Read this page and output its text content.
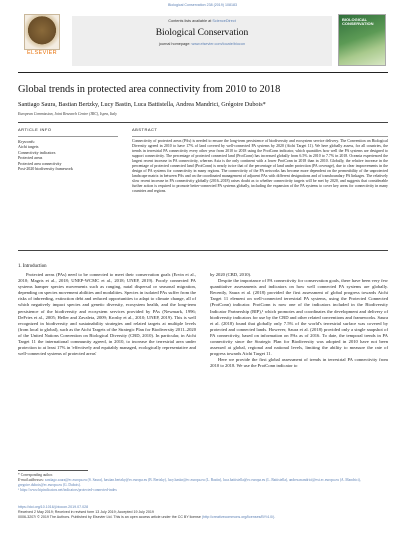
Biological Conservation 238 (2019) 108183
ELSEVIER
Contents lists available at ScienceDirect
Biological Conservation
journal homepage: www.elsevier.com/locate/biocon
BIOLOGICAL CONSERVATION
Global trends in protected area connectivity from 2010 to 2018
Santiago Saura, Bastian Bertzky, Lucy Bastin, Luca Battistella, Andrea Mandrici, Grégoire Dubois*
European Commission, Joint Research Centre (JRC), Ispra, Italy
ARTICLE INFO	ABSTRACT
Keywords:
Aichi targets
Connectivity indicators
Protected areas
Protected area connectivity
Post-2020 biodiversity framework
Connectivity of protected areas (PAs) is needed to ensure the long-term persistence of biodiversity and ecosystem service delivery. The Convention on Biological Diversity agreed in 2010 to have 17% of land covered by well-connected PA systems by 2020 (Aichi Target 11). We here globally assess, for all countries, the trends in terrestrial PA connectivity every other year from 2010 to 2018 using the ProtConn indicator, which quantifies how well the PA systems are designed to support connectivity. The percentage of protected connected land (ProtConn) has increased globally from 6.5% in 2010 to 7.7% in 2018. Oceania experienced the largest recent increase in PA connectivity, whereas Asia is the only continent with a lower ProtConn in 2018 than in 2010. Globally, the relative increase in the percentage of protected connected land (ProtConn) is nearly twice that of the percentage of land under protection (PA coverage), due to clear improvements in the design of PA systems for connectivity in many regions. The connectivity of the PA networks has become more dependent on the permeability of the unprotected landscape matrix in between PAs and on the coordinated management of adjacent PAs with different designations and of transboundary PA linkages. The relatively slow recent increase in PA connectivity globally (2016–2018) raises doubt as to whether connectivity targets will be met by 2020, and suggests that considerable further action is required to promote better-connected PA systems globally, including the expansion of the PA systems to cover key areas for connectivity in many countries and regions.
1. Introduction

Protected areas (PAs) need to be connected to meet their conservation goals (Ervin et al., 2010; Magris et al., 2018; UNEP-WCMC et al., 2018; UNEP, 2019). Poorly connected PA systems hamper species movements such as ranging, natal dispersal or seasonal migration, depending on species movement abilities and modalities. Species in isolated PAs suffer from the risks of inbreeding, extinction debt and reduced opportunities to adapt to climate change, all of which negatively impact species and genetic diversity, ecosystem health, and the long-term persistence of the biodiversity and ecosystem services provided by PAs (Newmark, 1996; DeFries et al., 2005; Heller and Zavaleta, 2009; Krosby et al., 2010; UNEP, 2019). This is well recognized in biodiversity and sustainability strategies and related targets at multiple levels (from local to global), such as the Aichi Targets of the Strategic Plan for Biodiversity 2011–2020 of the United Nations Convention on Biological Diversity (CBD, 2010). In particular, in Aichi Target 11 the international community agreed, in 2010, to increase the terrestrial area under protection to at least 17% in 'effectively and equitably managed, ecologically representative and well-connected systems of protected areas'

by 2020 (CBD, 2010).

Despite the importance of PA connectivity for conservation goals, there have been very few quantitative assessments and indicators on how well connected PA systems are globally. Recently, Saura et al. (2018) provided the first assessment of global progress towards Aichi Target 11 element on well-connected terrestrial PA systems, using the Protected Connected (ProtConn) indicator. ProtConn is now one of the indicators included in the Biodiversity Indicator Partnership (BIP),¹ which promotes and coordinates the development and delivery of biodiversity indicators for use by the CBD and other related conventions and frameworks. Saura et al. (2018) found that globally only 7.5% of the world's terrestrial surface was covered by protected and connected lands. However, Saura et al. (2018) provided only a single snapshot of PA connectivity, based on information on PAs as of 2016. To date, the temporal trends in PA connectivity since the Strategic Plan for Biodiversity was adopted in 2010 have not been assessed at global, regional and national levels, limiting the ability to measure the rate of progress towards Aichi Target 11.

Here we provide the first global assessment of trends in terrestrial PA connectivity from 2010 to 2018. We use the ProtConn indicator to

* Corresponding author.
E-mail addresses: santiago.saura@ec.europa.eu (S. Saura), bastian.bertzky@ec.europa.eu (B. Bertzky), lucy.bastin@ec.europa.eu (L. Bastin), luca.battistella@ec.europa.eu (L. Battistella), andrea.mandrici@ext.ec.europa.eu (A. Mandrici), gregoire.dubois@ec.europa.eu (G. Dubois).
¹ https://www.bipindicators.net/indicators/protected-connected-index
https://doi.org/10.1016/j.biocon.2019.07.028
Received 2 May 2019; Received in revised form 13 July 2019; Accepted 19 July 2019
0006-3207/ © 2019 The Authors. Published by Elsevier Ltd. This is an open access article under the CC BY license (http://creativecommons.org/licenses/BY/4.0/).
